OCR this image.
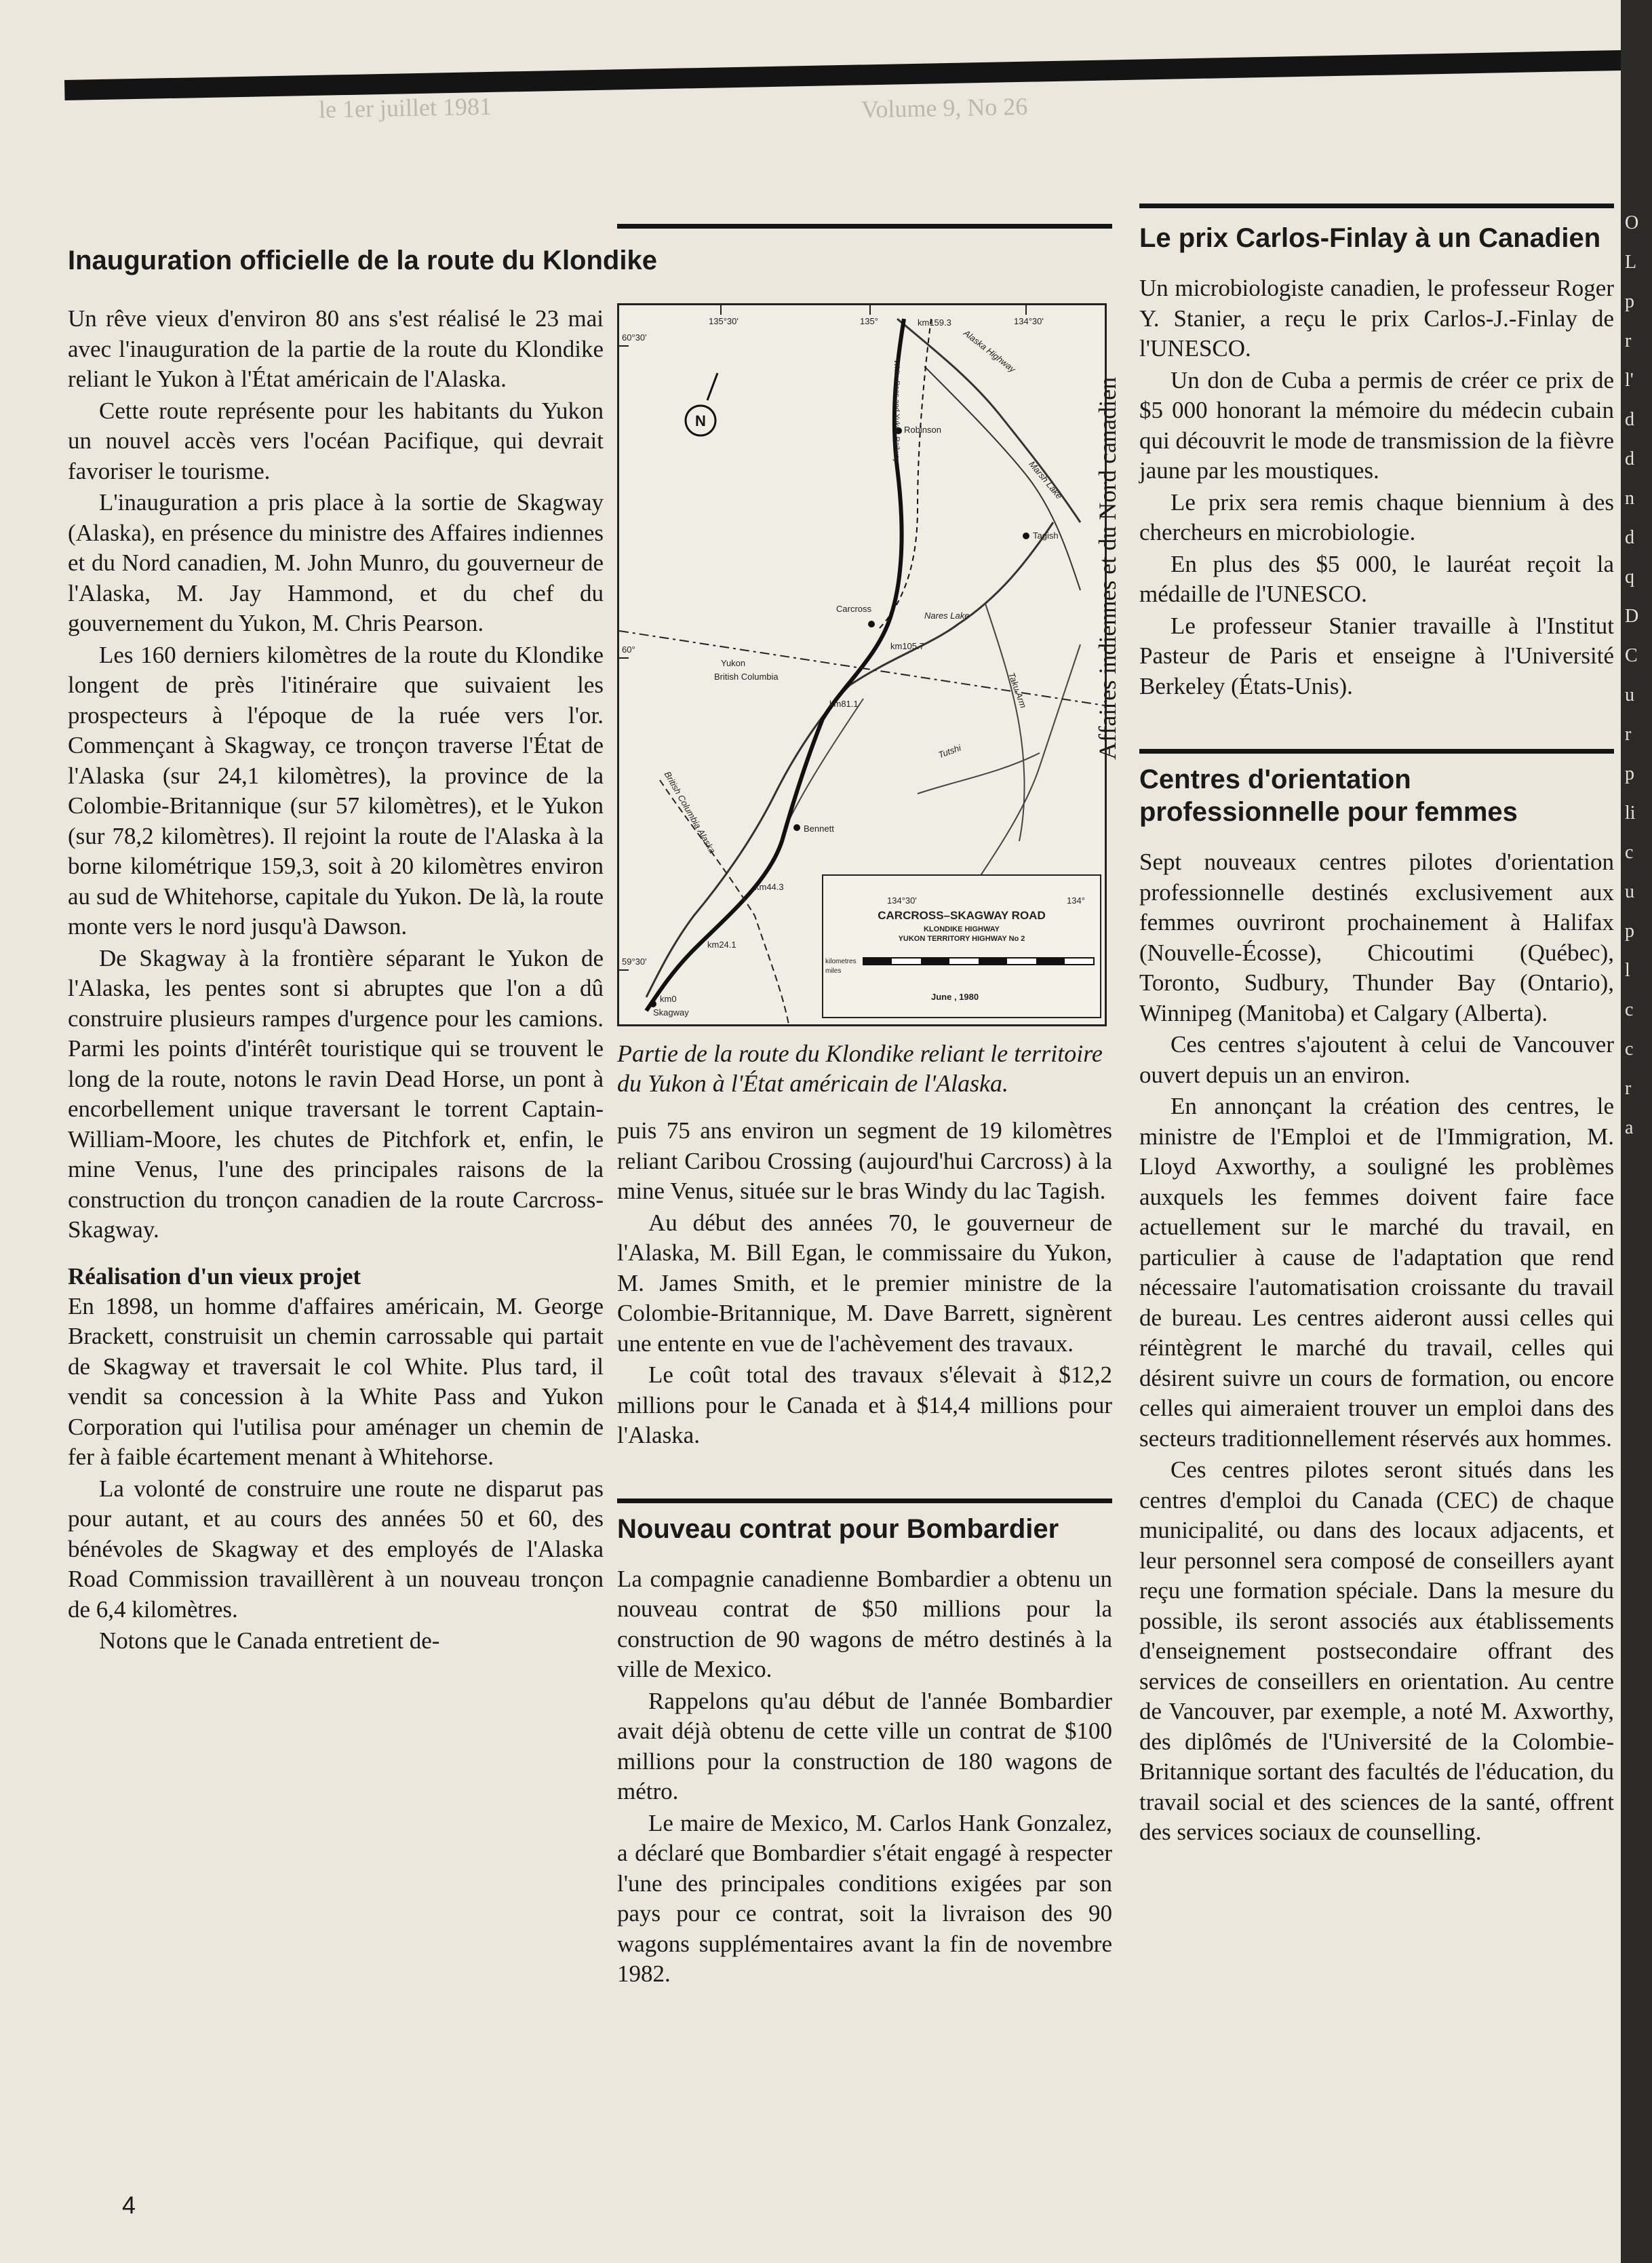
le 1er juillet 1981	Volume 9, No 26
Inauguration officielle de la route du Klondike

Un rêve vieux d'environ 80 ans s'est réalisé le 23 mai avec l'inauguration de la partie de la route du Klondike reliant le Yukon à l'État américain de l'Alaska.

Cette route représente pour les habitants du Yukon un nouvel accès vers l'océan Pacifique, qui devrait favoriser le tourisme.

L'inauguration a pris place à la sortie de Skagway (Alaska), en présence du ministre des Affaires indiennes et du Nord canadien, M. John Munro, du gouverneur de l'Alaska, M. Jay Hammond, et du chef du gouvernement du Yukon, M. Chris Pearson.

Les 160 derniers kilomètres de la route du Klondike longent de près l'itinéraire que suivaient les prospecteurs à l'époque de la ruée vers l'or. Commençant à Skagway, ce tronçon traverse l'État de l'Alaska (sur 24,1 kilomètres), la province de la Colombie-Britannique (sur 57 kilomètres), et le Yukon (sur 78,2 kilomètres). Il rejoint la route de l'Alaska à la borne kilométrique 159,3, soit à 20 kilomètres environ au sud de Whitehorse, capitale du Yukon. De là, la route monte vers le nord jusqu'à Dawson.

De Skagway à la frontière séparant le Yukon de l'Alaska, les pentes sont si abruptes que l'on a dû construire plusieurs rampes d'urgence pour les camions. Parmi les points d'intérêt touristique qui se trouvent le long de la route, notons le ravin Dead Horse, un pont à encorbellement unique traversant le torrent Captain-William-Moore, les chutes de Pitchfork et, enfin, le mine Venus, l'une des principales raisons de la construction du tronçon canadien de la route Carcross-Skagway.

Réalisation d'un vieux projet

En 1898, un homme d'affaires américain, M. George Brackett, construisit un chemin carrossable qui partait de Skagway et traversait le col White. Plus tard, il vendit sa concession à la White Pass and Yukon Corporation qui l'utilisa pour aménager un chemin de fer à faible écartement menant à Whitehorse.

La volonté de construire une route ne disparut pas pour autant, et au cours des années 50 et 60, des bénévoles de Skagway et des employés de l'Alaska Road Commission travaillèrent à un nouveau tronçon de 6,4 kilomètres.

Notons que le Canada entretient de-

N
135°30'	135°	134°30'
134°30'	134°
60°30'
60°
59°30'
km159.3
Alaska Highway
Robinson
Marsh Lake
Tagish
Carcross
Nares Lake
km105.7
Yukon
British Columbia
km81.1	Taku Arm
Tutshi
Bennett
British Columbia Alaska
km44.3
km24.1
km0
Skagway
White Pass and Yukon Railway
CARCROSS–SKAGWAY ROAD
KLONDIKE HIGHWAY
YUKON TERRITORY HIGHWAY No 2
kilometres
miles
June , 1980
Partie de la route du Klondike reliant le territoire du Yukon à l'État américain de l'Alaska.

puis 75 ans environ un segment de 19 kilomètres reliant Caribou Crossing (aujourd'hui Carcross) à la mine Venus, située sur le bras Windy du lac Tagish.

Au début des années 70, le gouverneur de l'Alaska, M. Bill Egan, le commissaire du Yukon, M. James Smith, et le premier ministre de la Colombie-Britannique, M. Dave Barrett, signèrent une entente en vue de l'achèvement des travaux.

Le coût total des travaux s'élevait à $12,2 millions pour le Canada et à $14,4 millions pour l'Alaska.

Nouveau contrat pour Bombardier

La compagnie canadienne Bombardier a obtenu un nouveau contrat de $50 millions pour la construction de 90 wagons de métro destinés à la ville de Mexico.

Rappelons qu'au début de l'année Bombardier avait déjà obtenu de cette ville un contrat de $100 millions pour la construction de 180 wagons de métro.

Le maire de Mexico, M. Carlos Hank Gonzalez, a déclaré que Bombardier s'était engagé à respecter l'une des principales conditions exigées par son pays pour ce contrat, soit la livraison des 90 wagons supplémentaires avant la fin de novembre 1982.

Affaires indiennes et du Nord canadien
Le prix Carlos-Finlay à un Canadien

Un microbiologiste canadien, le professeur Roger Y. Stanier, a reçu le prix Carlos-J.-Finlay de l'UNESCO.

Un don de Cuba a permis de créer ce prix de $5 000 honorant la mémoire du médecin cubain qui découvrit le mode de transmission de la fièvre jaune par les moustiques.

Le prix sera remis chaque biennium à des chercheurs en microbiologie.

En plus des $5 000, le lauréat reçoit la médaille de l'UNESCO.

Le professeur Stanier travaille à l'Institut Pasteur de Paris et enseigne à l'Université Berkeley (États-Unis).

Centres d'orientation professionnelle pour femmes

Sept nouveaux centres pilotes d'orientation professionnelle destinés exclusivement aux femmes ouvriront prochainement à Halifax (Nouvelle-Écosse), Chicoutimi (Québec), Toronto, Sudbury, Thunder Bay (Ontario), Winnipeg (Manitoba) et Calgary (Alberta).

Ces centres s'ajoutent à celui de Vancouver ouvert depuis un an environ.

En annonçant la création des centres, le ministre de l'Emploi et de l'Immigration, M. Lloyd Axworthy, a souligné les problèmes auxquels les femmes doivent faire face actuellement sur le marché du travail, en particulier à cause de l'adaptation que rend nécessaire l'automatisation croissante du travail de bureau. Les centres aideront aussi celles qui réintègrent le marché du travail, celles qui désirent suivre un cours de formation, ou encore celles qui aimeraient trouver un emploi dans des secteurs traditionnellement réservés aux hommes.

Ces centres pilotes seront situés dans les centres d'emploi du Canada (CEC) de chaque municipalité, ou dans des locaux adjacents, et leur personnel sera composé de conseillers ayant reçu une formation spéciale. Dans la mesure du possible, ils seront associés aux établissements d'enseignement postsecondaire offrant des services de conseillers en orientation. Au centre de Vancouver, par exemple, a noté M. Axworthy, des diplômés de l'Université de la Colombie-Britannique sortant des facultés de l'éducation, du travail social et des sciences de la santé, offrent des services sociaux de counselling.

4
O
L
p
r
l'
d
d
n
d
q
D
C
u
r
p
li
c
u
p
l
c
c
r
a
